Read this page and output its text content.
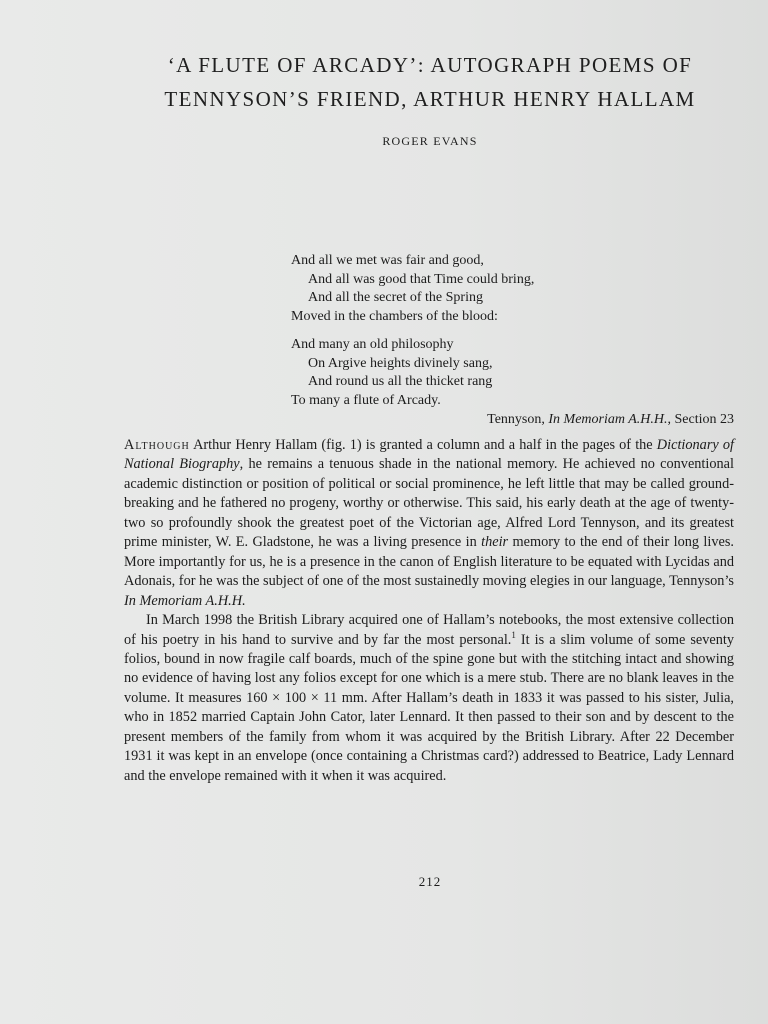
‘A FLUTE OF ARCADY’: AUTOGRAPH POEMS OF
TENNYSON’S FRIEND, ARTHUR HENRY HALLAM
ROGER EVANS
And all we met was fair and good,
And all was good that Time could bring,
And all the secret of the Spring
Moved in the chambers of the blood:
And many an old philosophy
On Argive heights divinely sang,
And round us all the thicket rang
To many a flute of Arcady.
Tennyson, In Memoriam A.H.H., Section 23

Although Arthur Henry Hallam (fig. 1) is granted a column and a half in the pages of the Dictionary of National Biography, he remains a tenuous shade in the national memory. He achieved no conventional academic distinction or position of political or social prominence, he left little that may be called ground-breaking and he fathered no progeny, worthy or otherwise. This said, his early death at the age of twenty-two so profoundly shook the greatest poet of the Victorian age, Alfred Lord Tennyson, and its greatest prime minister, W. E. Gladstone, he was a living presence in their memory to the end of their long lives. More importantly for us, he is a presence in the canon of English literature to be equated with Lycidas and Adonais, for he was the subject of one of the most sustainedly moving elegies in our language, Tennyson’s In Memoriam A.H.H.

In March 1998 the British Library acquired one of Hallam’s notebooks, the most extensive collection of his poetry in his hand to survive and by far the most personal.$^1$ It is a slim volume of some seventy folios, bound in now fragile calf boards, much of the spine gone but with the stitching intact and showing no evidence of having lost any folios except for one which is a mere stub. There are no blank leaves in the volume. It measures 160 × 100 × 11 mm. After Hallam’s death in 1833 it was passed to his sister, Julia, who in 1852 married Captain John Cator, later Lennard. It then passed to their son and by descent to the present members of the family from whom it was acquired by the British Library. After 22 December 1931 it was kept in an envelope (once containing a Christmas card?) addressed to Beatrice, Lady Lennard and the envelope remained with it when it was acquired.

212
